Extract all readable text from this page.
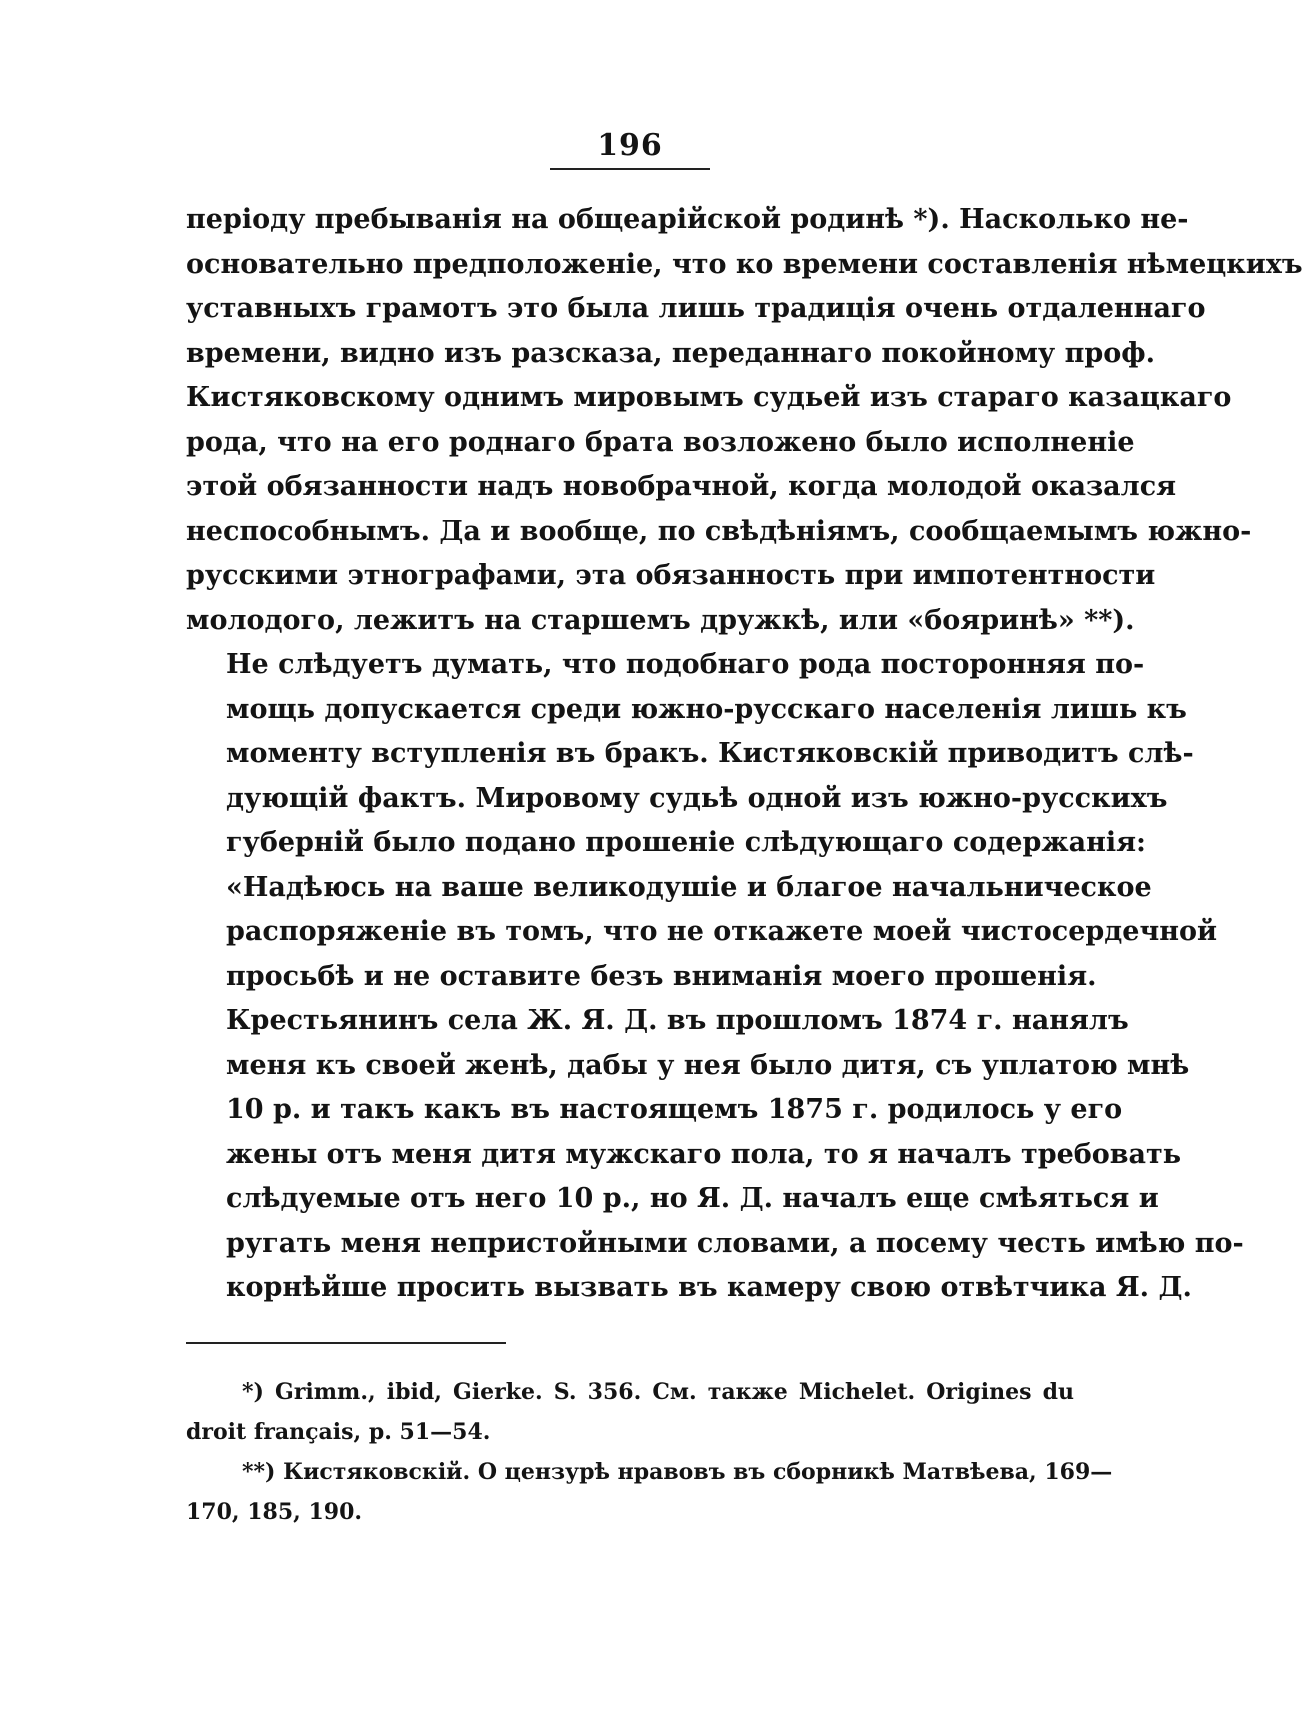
196

періоду пребыванія на общеарійской родинѣ *). Насколько не-
основательно предположеніе, что ко времени составленія нѣмецкихъ
уставныхъ грамотъ это была лишь традиція очень отдаленнаго
времени, видно изъ разсказа, переданнаго покойному проф.
Кистяковскому однимъ мировымъ судьей изъ стараго казацкаго
рода, что на его роднаго брата возложено было исполненіе
этой обязанности надъ новобрачной, когда молодой оказался
неспособнымъ. Да и вообще, по свѣдѣніямъ, сообщаемымъ южно-
русскими этнографами, эта обязанность при импотентности
молодого, лежитъ на старшемъ дружкѣ, или «бояринѣ» **).

Не слѣдуетъ думать, что подобнаго рода посторонняя по-
мощь допускается среди южно-русскаго населенія лишь къ
моменту вступленія въ бракъ. Кистяковскій приводитъ слѣ-
дующій фактъ. Мировому судьѣ одной изъ южно-русскихъ
губерній было подано прошеніе слѣдующаго содержанія:
«Надѣюсь на ваше великодушіе и благое начальническое
распоряженіе въ томъ, что не откажете моей чистосердечной
просьбѣ и не оставите безъ вниманія моего прошенія.
Крестьянинъ села Ж. Я. Д. въ прошломъ 1874 г. нанялъ
меня къ своей женѣ, дабы у нея было дитя, съ уплатою мнѣ
10 р. и такъ какъ въ настоящемъ 1875 г. родилось у его
жены отъ меня дитя мужскаго пола, то я началъ требовать
слѣдуемые отъ него 10 р., но Я. Д. началъ еще смѣяться и
ругать меня непристойными словами, а посему честь имѣю по-
корнѣйше просить вызвать въ камеру свою отвѣтчика Я. Д.

*) Grimm., ibid, Gierke. S. 356. См. также Michelet. Origines du
droit français, p. 51—54.

**) Кистяковскій. О цензурѣ нравовъ въ сборникѣ Матвѣева, 169—
170, 185, 190.
